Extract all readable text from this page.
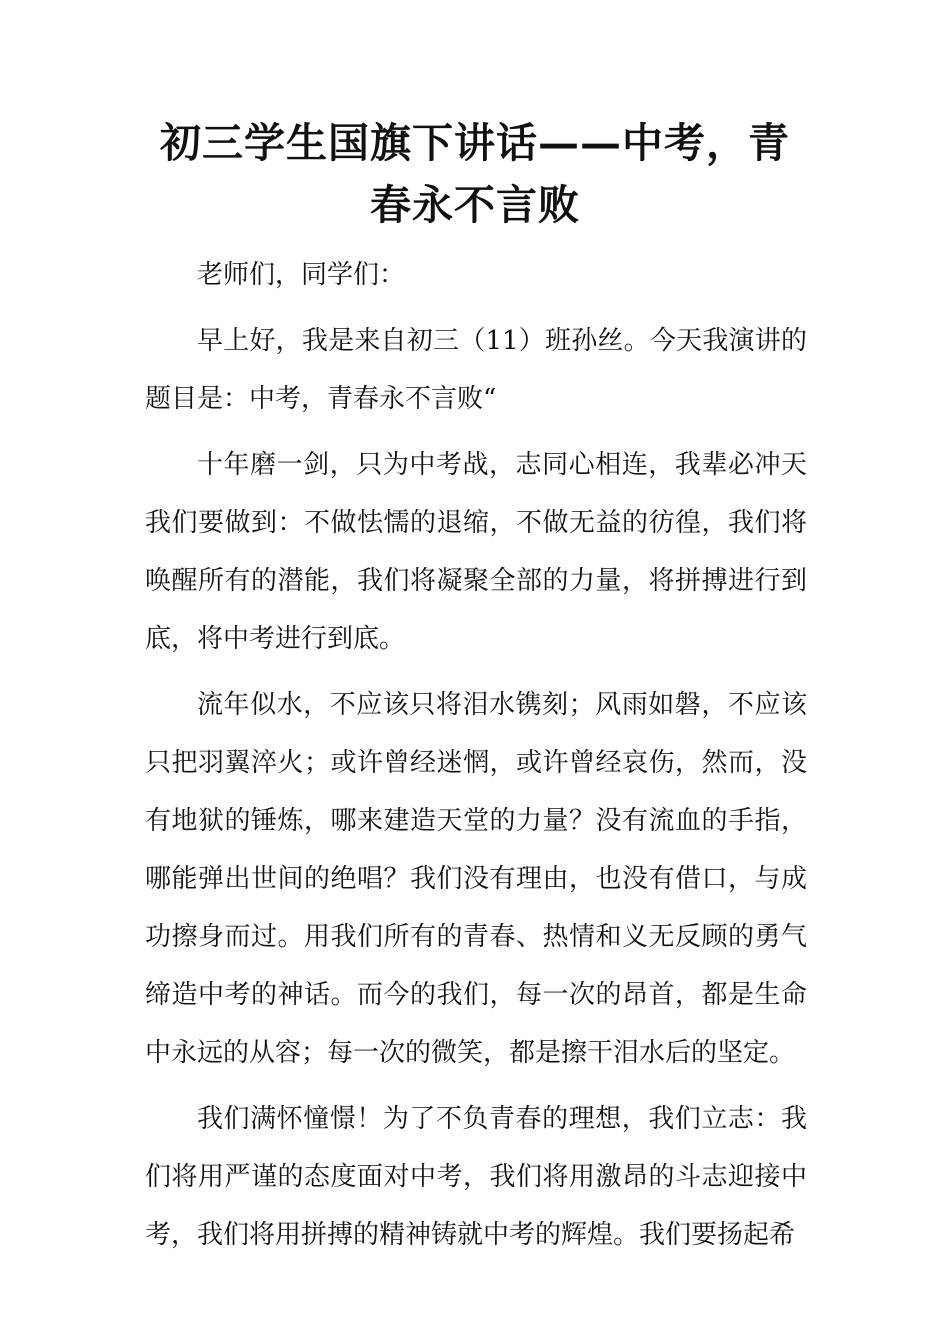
初三学生国旗下讲话——中考，青春永不言败

老师们，同学们：

早上好，我是来自初三（11）班孙丝。今天我演讲的题目是：中考，青春永不言败“

十年磨一剑，只为中考战，志同心相连，我辈必冲天我们要做到：不做怯懦的退缩，不做无益的彷徨，我们将唤醒所有的潜能，我们将凝聚全部的力量，将拼搏进行到底，将中考进行到底。

流年似水，不应该只将泪水镌刻；风雨如磐，不应该只把羽翼淬火；或许曾经迷惘，或许曾经哀伤，然而，没有地狱的锤炼，哪来建造天堂的力量？没有流血的手指，哪能弹出世间的绝唱？我们没有理由，也没有借口，与成功擦身而过。用我们所有的青春、热情和义无反顾的勇气缔造中考的神话。而今的我们，每一次的昂首，都是生命中永远的从容；每一次的微笑，都是擦干泪水后的坚定。

我们满怀憧憬！为了不负青春的理想，我们立志：我们将用严谨的态度面对中考，我们将用激昂的斗志迎接中考，我们将用拼搏的精神铸就中考的辉煌。我们要扬起希
